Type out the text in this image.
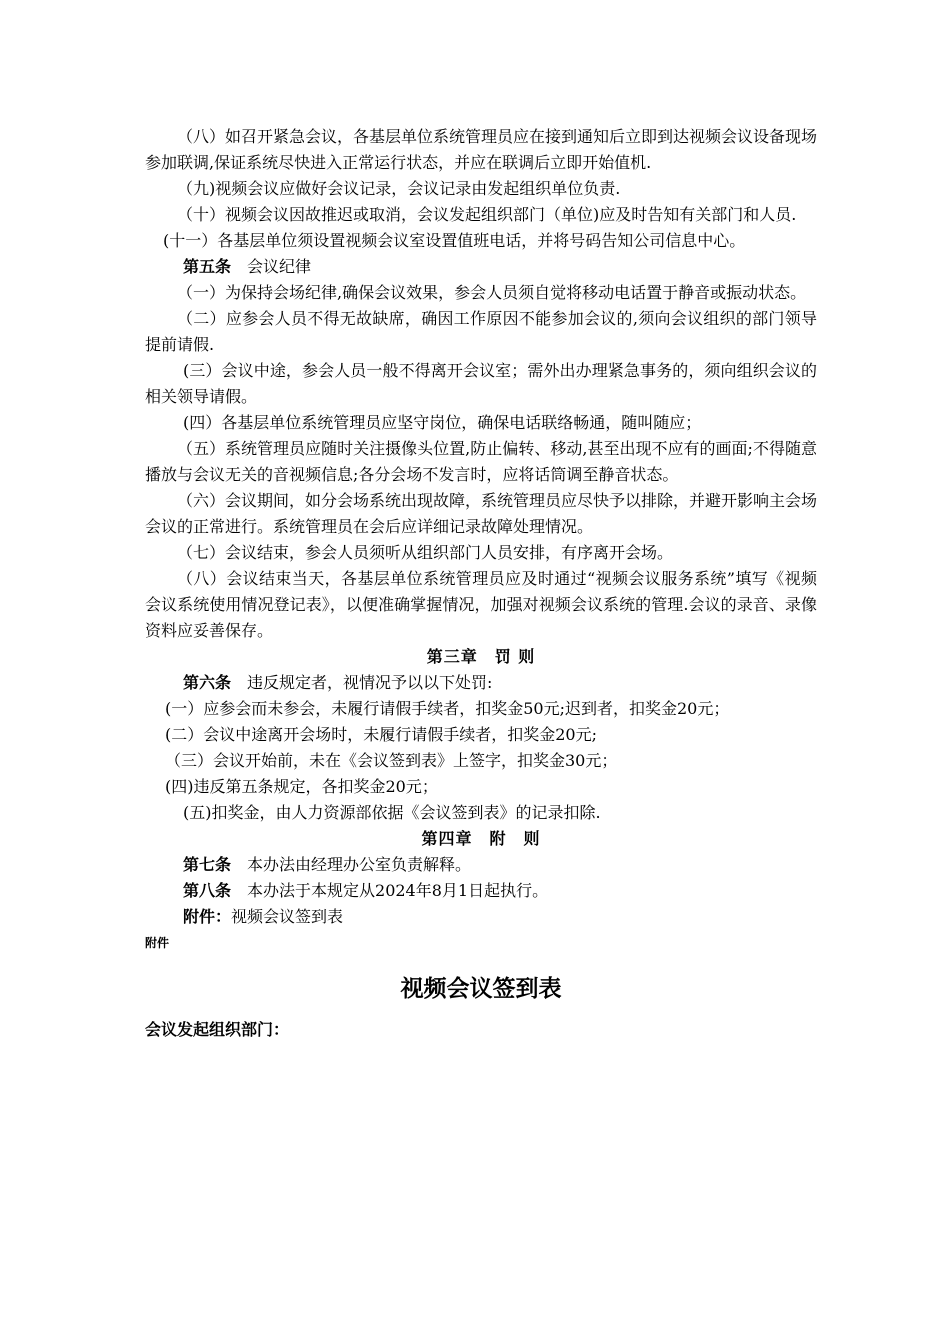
（八）如召开紧急会议，各基层单位系统管理员应在接到通知后立即到达视频会议设备现场参加联调,保证系统尽快进入正常运行状态，并应在联调后立即开始值机.

（九)视频会议应做好会议记录，会议记录由发起组织单位负责.

（十）视频会议因故推迟或取消，会议发起组织部门（单位)应及时告知有关部门和人员.

(十一）各基层单位须设置视频会议室设置值班电话，并将号码告知公司信息中心。

第五条 会议纪律

（一）为保持会场纪律,确保会议效果，参会人员须自觉将移动电话置于静音或振动状态。

（二）应参会人员不得无故缺席，确因工作原因不能参加会议的,须向会议组织的部门领导提前请假.

(三）会议中途，参会人员一般不得离开会议室；需外出办理紧急事务的，须向组织会议的相关领导请假。

(四）各基层单位系统管理员应坚守岗位，确保电话联络畅通，随叫随应；

（五）系统管理员应随时关注摄像头位置,防止偏转、移动,甚至出现不应有的画面;不得随意播放与会议无关的音视频信息;各分会场不发言时，应将话筒调至静音状态。

（六）会议期间，如分会场系统出现故障，系统管理员应尽快予以排除，并避开影响主会场会议的正常进行。系统管理员在会后应详细记录故障处理情况。

（七）会议结束，参会人员须听从组织部门人员安排，有序离开会场。

（八）会议结束当天，各基层单位系统管理员应及时通过“视频会议服务系统”填写《视频会议系统使用情况登记表》，以便准确掌握情况，加强对视频会议系统的管理.会议的录音、录像资料应妥善保存。

第三章　罚 则

第六条 违反规定者，视情况予以以下处罚:

(一）应参会而未参会，未履行请假手续者，扣奖金50元;迟到者，扣奖金20元；

(二）会议中途离开会场时，未履行请假手续者，扣奖金20元;

（三）会议开始前，未在《会议签到表》上签字，扣奖金30元；

(四)违反第五条规定，各扣奖金20元；

(五)扣奖金，由人力资源部依据《会议签到表》的记录扣除.

第四章　附　则

第七条 本办法由经理办公室负责解释。

第八条 本办法于本规定从2024年8月1日起执行。

附件：视频会议签到表

附件

视频会议签到表

会议发起组织部门：
